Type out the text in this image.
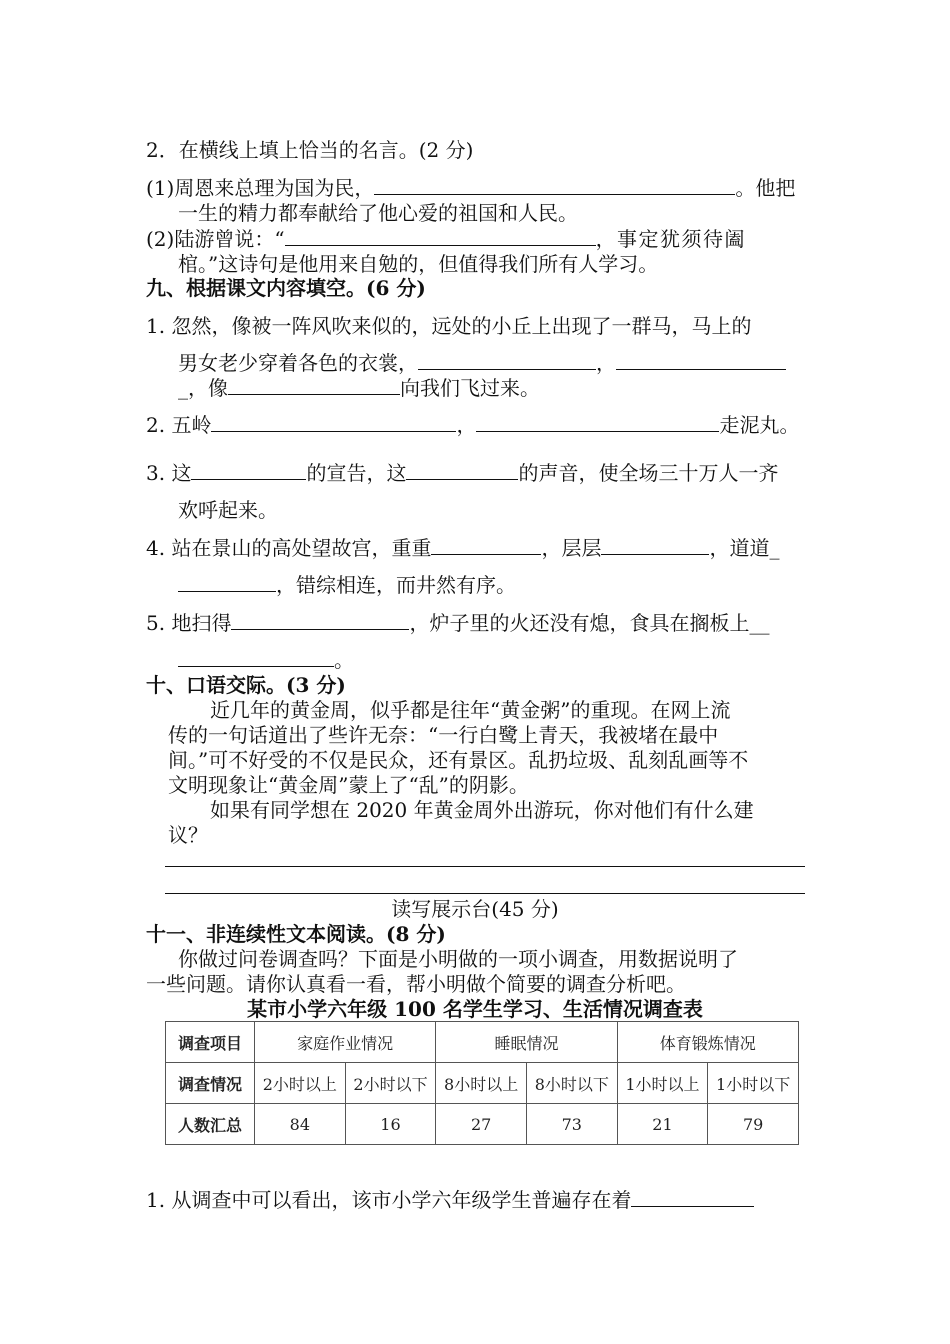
2．在横线上填上恰当的名言。(2 分)
(1)周恩来总理为国为民，	。他把
一生的精力都奉献给了他心爱的祖国和人民。
(2)陆游曾说：“	，事定犹须待阖
棺。”这诗句是他用来自勉的，但值得我们所有人学习。
九、根据课文内容填空。(6 分)
1. 忽然，像被一阵风吹来似的，远处的小丘上出现了一群马，马上的
男女老少穿着各色的衣裳，	，
_，像	向我们飞过来。
2. 五岭	，	走泥丸。
3. 这	的宣告，这	的声音，使全场三十万人一齐
欢呼起来。
4. 站在景山的高处望故宫，重重	，层层	，道道_
，错综相连，而井然有序。
5. 地扫得	，炉子里的火还没有熄，食具在搁板上__
。
十、口语交际。(3 分)
近几年的黄金周，似乎都是往年“黄金粥”的重现。在网上流
传的一句话道出了些许无奈：“一行白鹭上青天，我被堵在最中
间。”可不好受的不仅是民众，还有景区。乱扔垃圾、乱刻乱画等不
文明现象让“黄金周”蒙上了“乱”的阴影。
如果有同学想在 2020 年黄金周外出游玩，你对他们有什么建
议？
读写展示台(45 分)
十一、非连续性文本阅读。(8 分)
你做过问卷调查吗？下面是小明做的一项小调查，用数据说明了
一些问题。请你认真看一看，帮小明做个简要的调查分析吧。
某市小学六年级 100 名学生学习、生活情况调查表
调查项目	家庭作业情况		睡眠情况		体育锻炼情况	
调查情况	2小时以上	2小时以下	8小时以上	8小时以下	1小时以上	1小时以下
人数汇总	84	16	27	73	21	79
1. 从调查中可以看出，该市小学六年级学生普遍存在着
